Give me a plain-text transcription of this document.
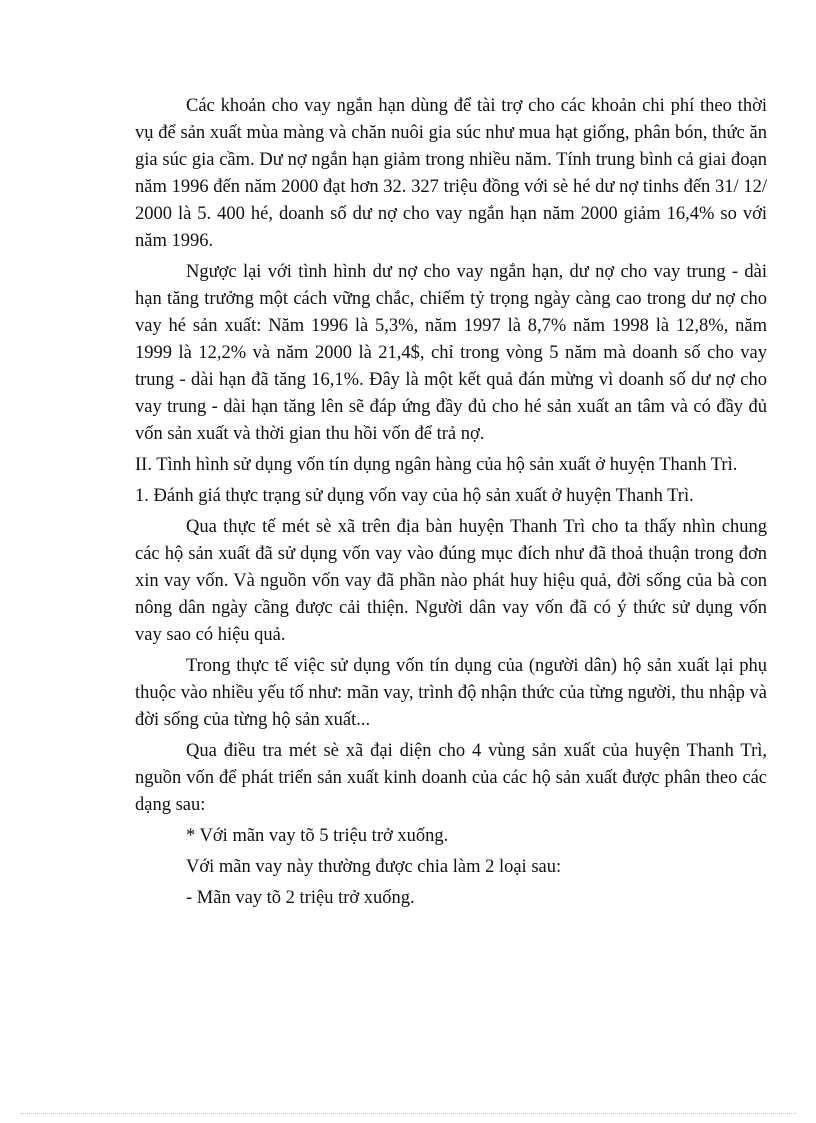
Các khoản cho vay ngắn hạn dùng để tài trợ cho các khoản chi phí theo thời vụ để sản xuất mùa màng và chăn nuôi gia súc như mua hạt giống, phân bón, thức ăn gia súc gia cầm. Dư nợ ngắn hạn giảm trong nhiều năm. Tính trung bình cả giai đoạn năm 1996 đến năm 2000 đạt hơn 32. 327 triệu đồng với sè hé dư nợ tinhs đến 31/ 12/ 2000 là 5. 400 hé, doanh số dư nợ cho vay ngắn hạn năm 2000 giảm 16,4% so với năm 1996.

Ngược lại với tình hình dư nợ cho vay ngắn hạn, dư nợ cho vay trung - dài hạn tăng trưởng một cách vững chắc, chiếm tỷ trọng ngày càng cao trong dư nợ cho vay hé sản xuất: Năm 1996 là 5,3%, năm 1997 là 8,7% năm 1998 là 12,8%, năm 1999 là 12,2% và năm 2000 là 21,4$, chỉ trong vòng 5 năm mà doanh số cho vay trung - dài hạn đã tăng 16,1%. Đây là một kết quả đán mừng vì doanh số dư nợ cho vay trung - dài hạn tăng lên sẽ đáp ứng đầy đủ cho hé sản xuất an tâm và có đầy đủ vốn sản xuất và thời gian thu hồi vốn để trả nợ.

II. Tình hình sử dụng vốn tín dụng ngân hàng của hộ sản xuất ở huyện Thanh Trì.

1. Đánh giá thực trạng sử dụng vốn vay của hộ sản xuất ở huyện Thanh Trì.

Qua thực tế mét sè xã trên địa bàn huyện Thanh Trì cho ta thấy nhìn chung các hộ sản xuất đã sử dụng vốn vay vào đúng mục đích như đã thoả thuận trong đơn xin vay vốn. Và nguồn vốn vay đã phần nào phát huy hiệu quả, đời sống của bà con nông dân ngày cầng được cải thiện. Người dân vay vốn đã có ý thức sử dụng vốn vay sao có hiệu quả.

Trong thực tế việc sử dụng vốn tín dụng của (người dân) hộ sản xuất lại phụ thuộc vào nhiều yếu tố như: mãn vay, trình độ nhận thức của từng người, thu nhập và đời sống của từng hộ sản xuất...

Qua điều tra mét sè xã đại diện cho 4 vùng sản xuất của huyện Thanh Trì, nguồn vốn để phát triển sản xuất kinh doanh của các hộ sản xuất được phân theo các dạng sau:

* Với mãn vay tõ 5 triệu trở xuống.

Với mãn vay này thường được chia làm 2 loại sau:

- Mãn vay tõ 2 triệu trở xuống.
